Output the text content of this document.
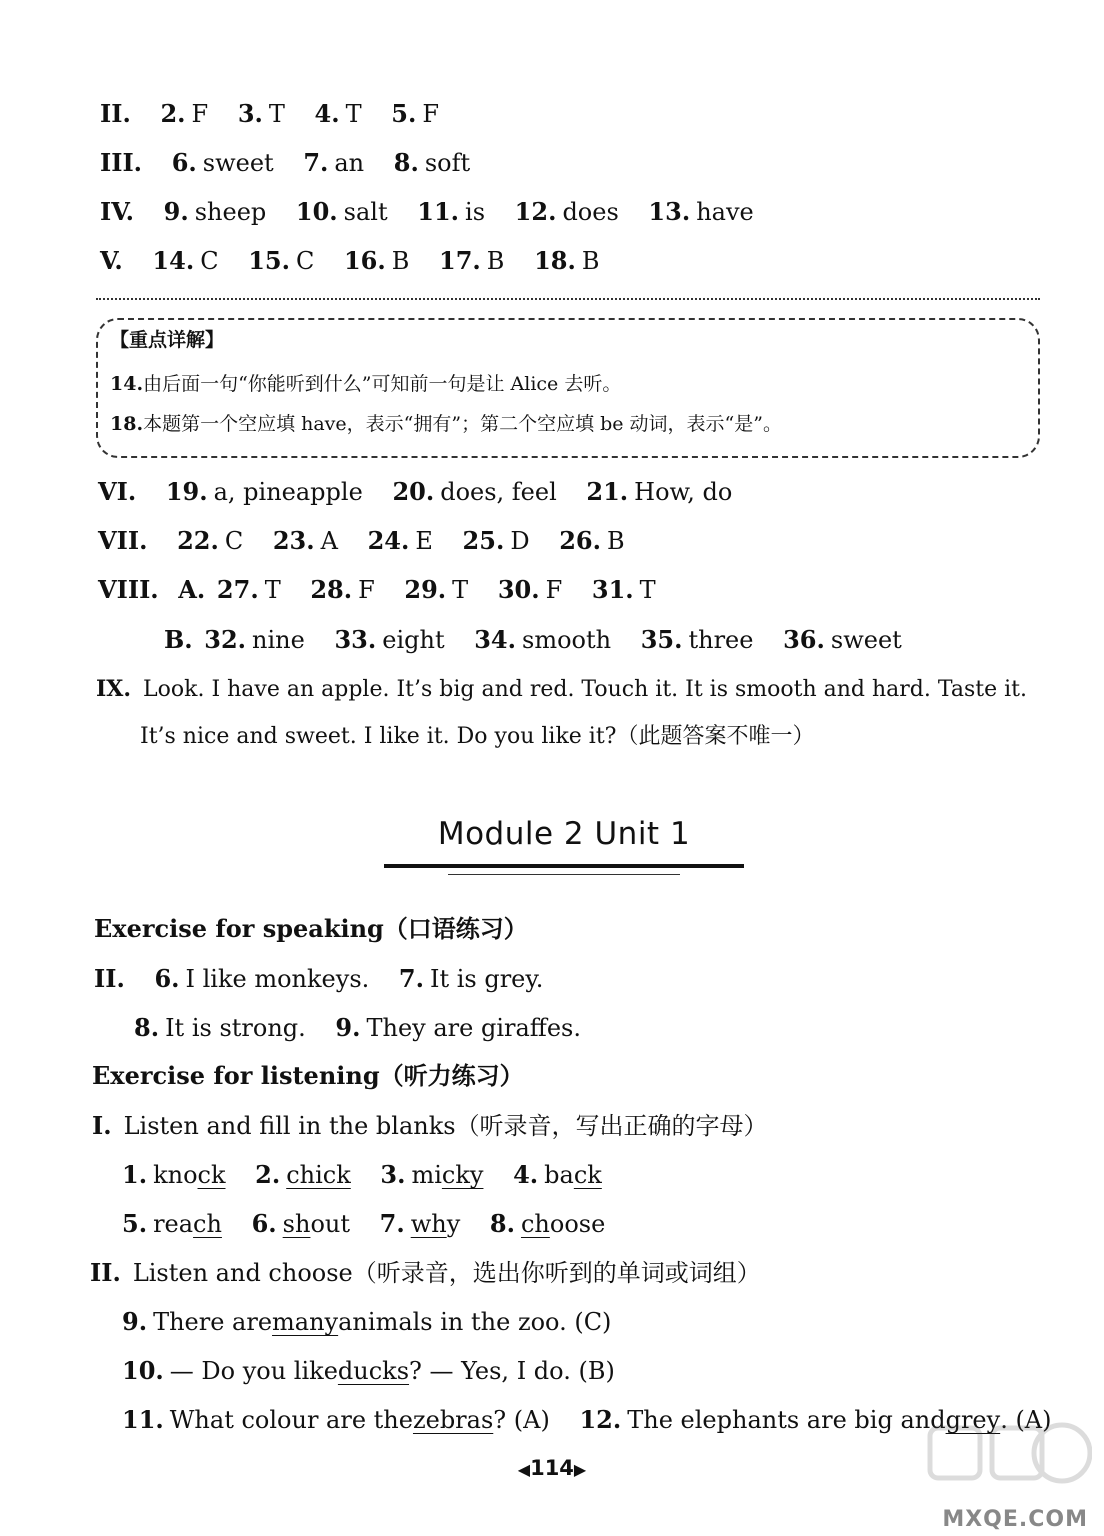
II. 2. F 3. T 4. T 5. F
III. 6. sweet 7. an 8. soft
IV. 9. sheep 10. salt 11. is 12. does 13. have
V. 14. C 15. C 16. B 17. B 18. B
【重点详解】
14.由后面一句“你能听到什么”可知前一句是让 Alice 去听。
18.本题第一个空应填 have，表示“拥有”；第二个空应填 be 动词，表示“是”。
VI. 19. a, pineapple 20. does, feel 21. How, do
VII. 22. C 23. A 24. E 25. D 26. B
VIII. A. 27. T 28. F 29. T 30. F 31. T
B. 32. nine 33. eight 34. smooth 35. three 36. sweet
IX. Look. I have an apple. It’s big and red. Touch it. It is smooth and hard. Taste it.
It’s nice and sweet. I like it. Do you like it?（此题答案不唯一）
Module 2 Unit 1
Exercise for speaking（口语练习）
II. 6. I like monkeys. 7. It is grey.
8. It is strong. 9. They are giraffes.
Exercise for listening（听力练习）
I. Listen and fill in the blanks（听录音，写出正确的字母）
1. knock 2. chick 3. micky 4. back
5. reach 6. shout 7. why 8. choose
II. Listen and choose（听录音，选出你听到的单词或词组）
9. There aremanyanimals in the zoo. (C)
10. — Do you likeducks? — Yes, I do. (B)
11. What colour are thezebras? (A) 12. The elephants are big andgrey. (A)
◀114▶
MXQE.COM
